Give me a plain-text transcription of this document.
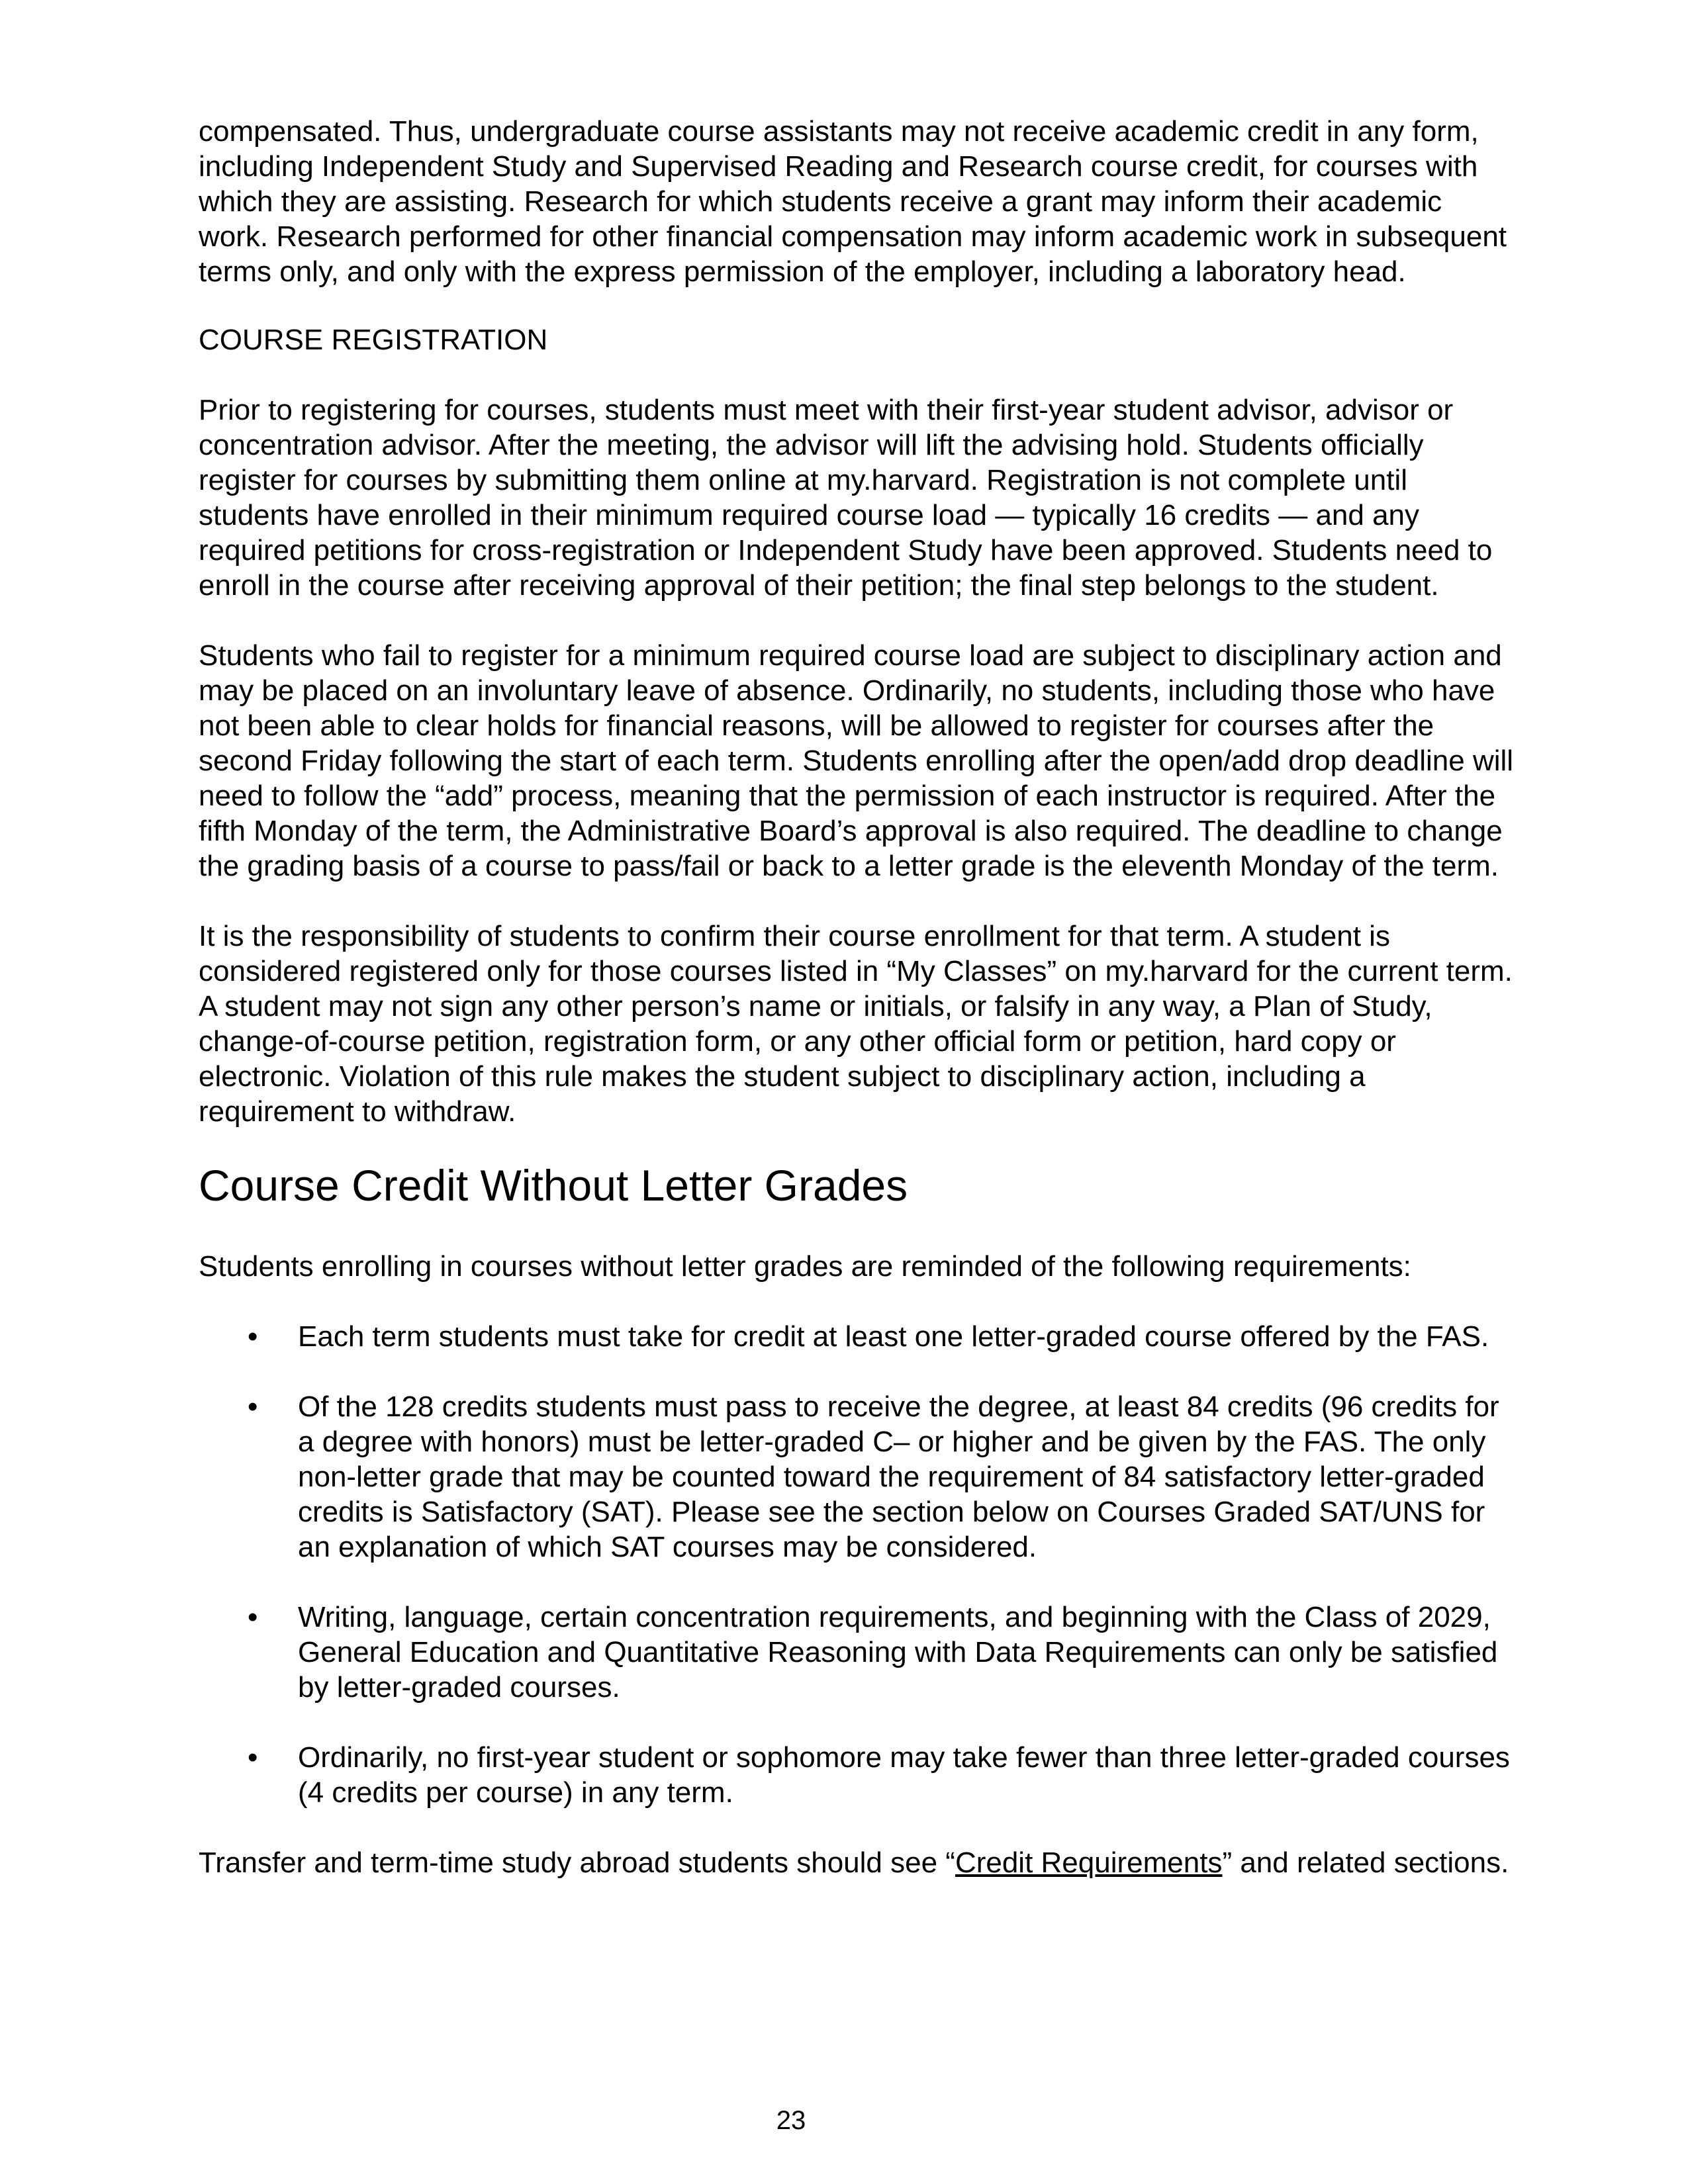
compensated. Thus, undergraduate course assistants may not receive academic credit in any form, including Independent Study and Supervised Reading and Research course credit, for courses with which they are assisting. Research for which students receive a grant may inform their academic work. Research performed for other financial compensation may inform academic work in subsequent terms only, and only with the express permission of the employer, including a laboratory head.

COURSE REGISTRATION

Prior to registering for courses, students must meet with their first-year student advisor, advisor or concentration advisor. After the meeting, the advisor will lift the advising hold. Students officially register for courses by submitting them online at my.harvard. Registration is not complete until students have enrolled in their minimum required course load — typically 16 credits — and any required petitions for cross-registration or Independent Study have been approved. Students need to enroll in the course after receiving approval of their petition; the final step belongs to the student.

Students who fail to register for a minimum required course load are subject to disciplinary action and may be placed on an involuntary leave of absence. Ordinarily, no students, including those who have not been able to clear holds for financial reasons, will be allowed to register for courses after the second Friday following the start of each term. Students enrolling after the open/add drop deadline will need to follow the “add” process, meaning that the permission of each instructor is required. After the fifth Monday of the term, the Administrative Board’s approval is also required. The deadline to change the grading basis of a course to pass/fail or back to a letter grade is the eleventh Monday of the term.

It is the responsibility of students to confirm their course enrollment for that term. A student is considered registered only for those courses listed in “My Classes” on my.harvard for the current term. A student may not sign any other person’s name or initials, or falsify in any way, a Plan of Study, change-of-course petition, registration form, or any other official form or petition, hard copy or electronic. Violation of this rule makes the student subject to disciplinary action, including a requirement to withdraw.

Course Credit Without Letter Grades

Students enrolling in courses without letter grades are reminded of the following requirements:

• Each term students must take for credit at least one letter-graded course offered by the FAS.
• Of the 128 credits students must pass to receive the degree, at least 84 credits (96 credits for a degree with honors) must be letter-graded C– or higher and be given by the FAS. The only non-letter grade that may be counted toward the requirement of 84 satisfactory letter-graded credits is Satisfactory (SAT). Please see the section below on Courses Graded SAT/UNS for an explanation of which SAT courses may be considered.
• Writing, language, certain concentration requirements, and beginning with the Class of 2029, General Education and Quantitative Reasoning with Data Requirements can only be satisfied by letter-graded courses.
• Ordinarily, no first-year student or sophomore may take fewer than three letter-graded courses (4 credits per course) in any term.

Transfer and term-time study abroad students should see “Credit Requirements” and related sections.

23
